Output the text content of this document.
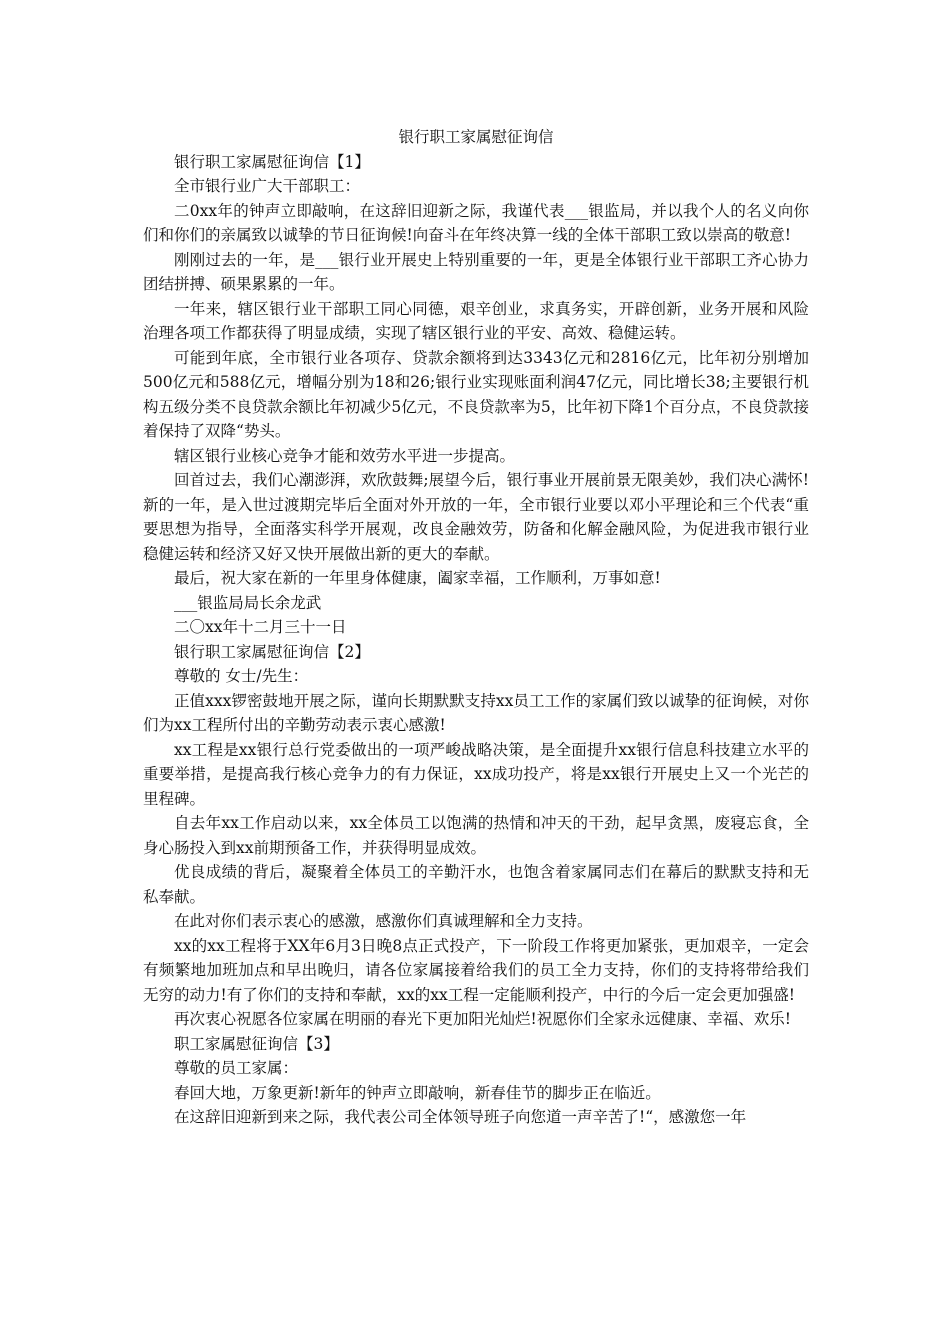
银行职工家属慰征询信

银行职工家属慰征询信【1】

全市银行业广大干部职工：

二0xx年的钟声立即敲响，在这辞旧迎新之际，我谨代表___银监局，并以我个人的名义向你们和你们的亲属致以诚挚的节日征询候!向奋斗在年终决算一线的全体干部职工致以崇高的敬意!

刚刚过去的一年，是___银行业开展史上特别重要的一年，更是全体银行业干部职工齐心协力团结拼搏、硕果累累的一年。

一年来，辖区银行业干部职工同心同德，艰辛创业，求真务实，开辟创新，业务开展和风险治理各项工作都获得了明显成绩，实现了辖区银行业的平安、高效、稳健运转。

可能到年底，全市银行业各项存、贷款余额将到达3343亿元和2816亿元，比年初分别增加500亿元和588亿元，增幅分别为18和26;银行业实现账面利润47亿元，同比增长38;主要银行机构五级分类不良贷款余额比年初减少5亿元，不良贷款率为5，比年初下降1个百分点，不良贷款接着保持了双降“势头。

辖区银行业核心竞争才能和效劳水平进一步提高。

回首过去，我们心潮澎湃，欢欣鼓舞;展望今后，银行事业开展前景无限美妙，我们决心满怀!新的一年，是入世过渡期完毕后全面对外开放的一年，全市银行业要以邓小平理论和三个代表“重要思想为指导，全面落实科学开展观，改良金融效劳，防备和化解金融风险，为促进我市银行业稳健运转和经济又好又快开展做出新的更大的奉献。

最后，祝大家在新的一年里身体健康，阖家幸福，工作顺利，万事如意!

___银监局局长余龙武

二〇xx年十二月三十一日

银行职工家属慰征询信【2】

尊敬的 女士/先生：

正值xxx锣密鼓地开展之际，谨向长期默默支持xx员工工作的家属们致以诚挚的征询候，对你们为xx工程所付出的辛勤劳动表示衷心感激!

xx工程是xx银行总行党委做出的一项严峻战略决策，是全面提升xx银行信息科技建立水平的重要举措，是提高我行核心竞争力的有力保证，xx成功投产，将是xx银行开展史上又一个光芒的里程碑。

自去年xx工作启动以来，xx全体员工以饱满的热情和冲天的干劲，起早贪黑，废寝忘食，全身心肠投入到xx前期预备工作，并获得明显成效。

优良成绩的背后，凝聚着全体员工的辛勤汗水，也饱含着家属同志们在幕后的默默支持和无私奉献。

在此对你们表示衷心的感激，感激你们真诚理解和全力支持。

xx的xx工程将于XX年6月3日晚8点正式投产，下一阶段工作将更加紧张，更加艰辛，一定会有频繁地加班加点和早出晚归，请各位家属接着给我们的员工全力支持，你们的支持将带给我们无穷的动力!有了你们的支持和奉献，xx的xx工程一定能顺利投产，中行的今后一定会更加强盛!

再次衷心祝愿各位家属在明丽的春光下更加阳光灿烂!祝愿你们全家永远健康、幸福、欢乐!

职工家属慰征询信【3】

尊敬的员工家属：

春回大地，万象更新!新年的钟声立即敲响，新春佳节的脚步正在临近。

在这辞旧迎新到来之际，我代表公司全体领导班子向您道一声辛苦了!“，感激您一年
